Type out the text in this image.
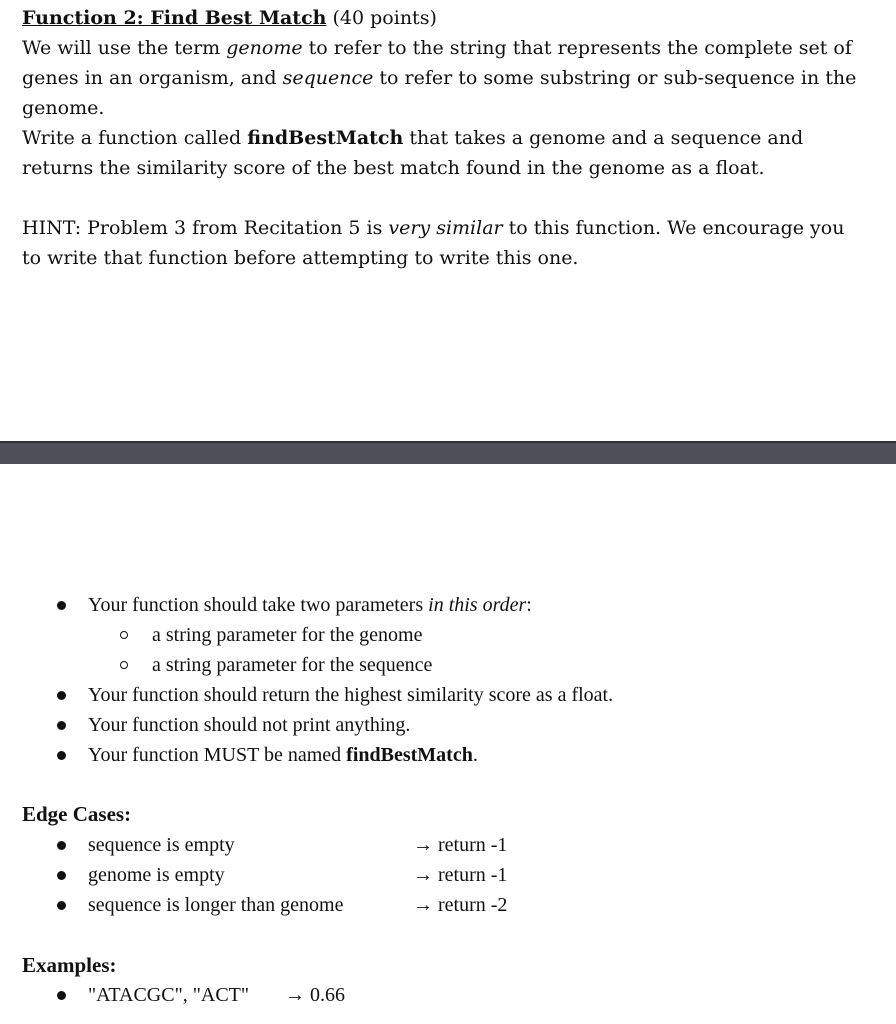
Function 2: Find Best Match (40 points)

We will use the term genome to refer to the string that represents the complete set of genes in an organism, and sequence to refer to some substring or sub-sequence in the genome.

Write a function called findBestMatch that takes a genome and a sequence and returns the similarity score of the best match found in the genome as a float.

HINT: Problem 3 from Recitation 5 is very similar to this function. We encourage you to write that function before attempting to write this one.

Your function should take two parameters in this order:
a string parameter for the genome
a string parameter for the sequence
Your function should return the highest similarity score as a float.
Your function should not print anything.
Your function MUST be named findBestMatch.
Edge Cases:
sequence is empty	→ return -1
genome is empty	→ return -1
sequence is longer than genome	→ return -2
Examples:
"ATACGC", "ACT" → 0.66
